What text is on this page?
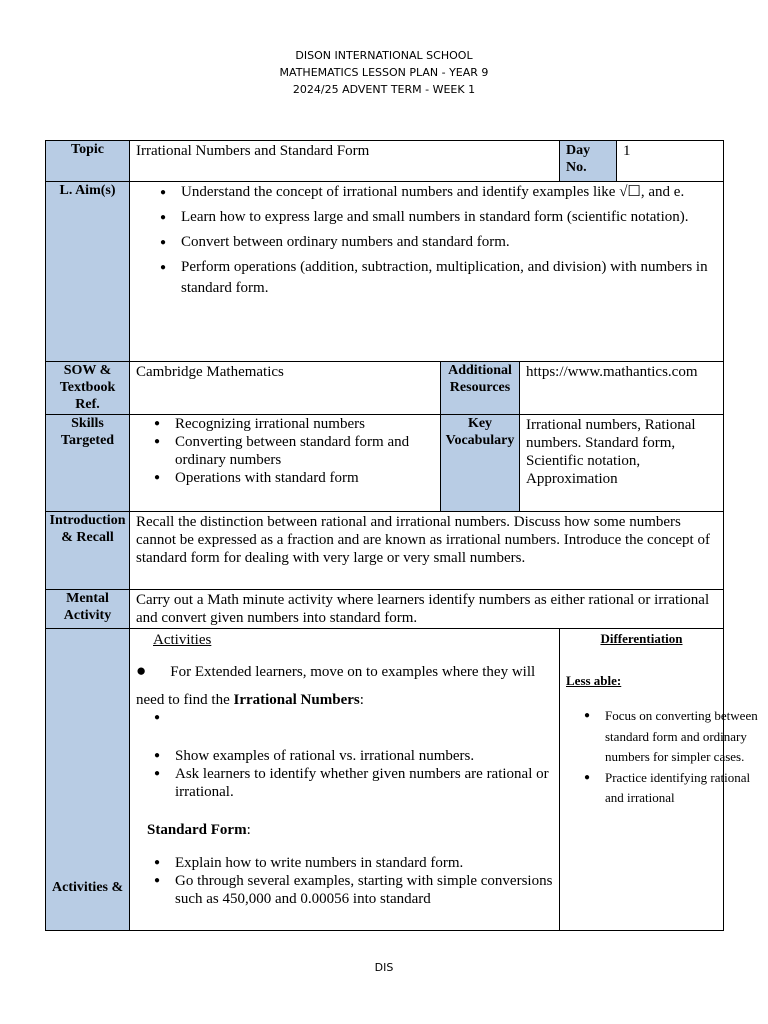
DISON INTERNATIONAL SCHOOL
MATHEMATICS LESSON PLAN - YEAR 9
2024/25 ADVENT TERM - WEEK 1
Topic	Irrational Numbers and Standard Form	Day No.
1
L. Aim(s)
●	Understand the concept of irrational numbers and identify examples like √☐, and e.
● Learn how to express large and small numbers in standard form (scientific notation).
● Convert between ordinary numbers and standard form.
● Perform operations (addition, subtraction, multiplication, and division) with numbers in standard form.
SOW & Textbook Ref.
Cambridge Mathematics	Additional Resources
https://www.mathantics.com
Skills Targeted
● Recognizing irrational numbers
● Converting between standard form and ordinary numbers
● Operations with standard form
Key Vocabulary
Irrational numbers, Rational numbers. Standard form, Scientific notation, Approximation
Introduction & Recall
Recall the distinction between rational and irrational numbers. Discuss how some numbers cannot be expressed as a fraction and are known as irrational numbers. Introduce the concept of standard form for dealing with very large or very small numbers.
Mental Activity
Carry out a Math minute activity where learners identify numbers as either rational or irrational and convert given numbers into standard form.
Activities &
Activities
● For Extended learners, move on to examples where they will need to find the Irrational Numbers:
●
● Show examples of rational vs. irrational numbers.
● Ask learners to identify whether given numbers are rational or irrational.
Standard Form:
● Explain how to write numbers in standard form.
● Go through several examples, starting with simple conversions such as 450,000 and 0.00056 into standard
Differentiation
Less able:
● Focus on converting between standard form and ordinary numbers for simpler cases.
● Practice identifying rational and irrational
DIS
